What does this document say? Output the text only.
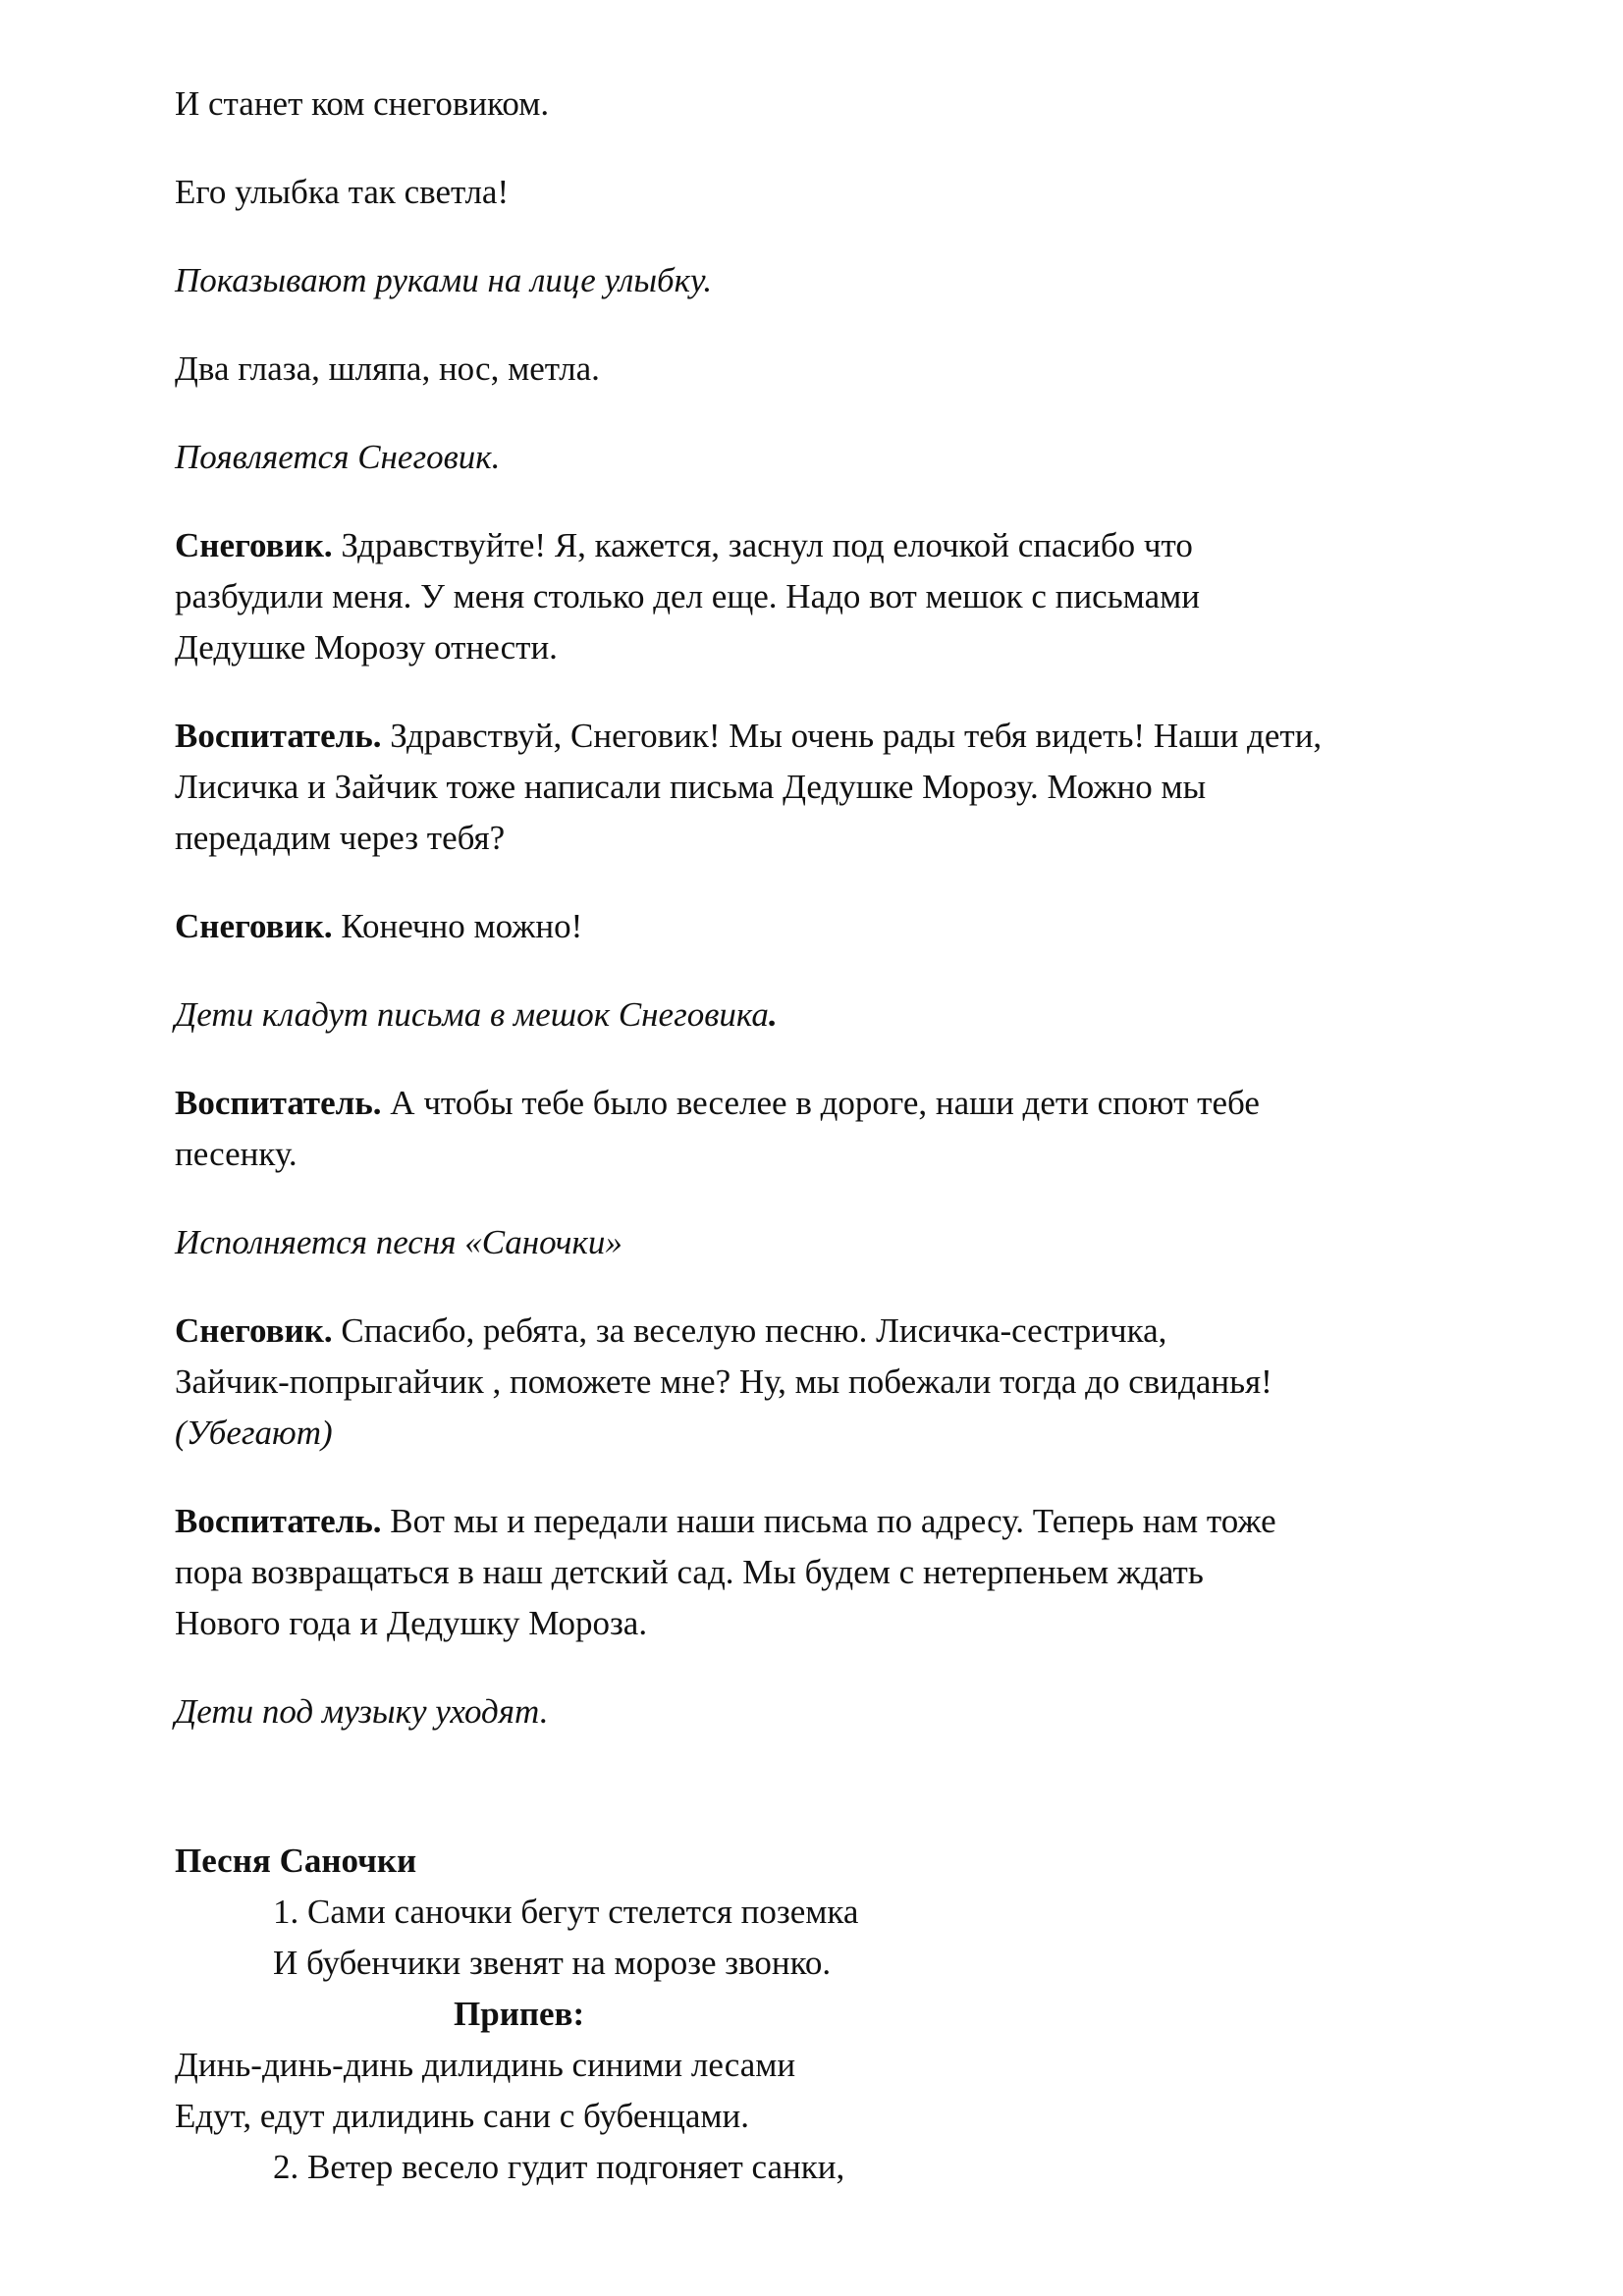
И станет ком снеговиком.

Его улыбка так светла!

Показывают руками на лице улыбку.

Два глаза, шляпа, нос, метла.

Появляется Снеговик.

Снеговик. Здравствуйте! Я, кажется, заснул под елочкой спасибо что

разбудили меня. У меня столько дел еще. Надо вот мешок с письмами

Дедушке Морозу отнести.

Воспитатель. Здравствуй, Снеговик! Мы очень рады тебя видеть! Наши дети,

Лисичка и Зайчик тоже написали письма Дедушке Морозу. Можно мы

передадим через тебя?

Снеговик. Конечно можно!

Дети кладут письма в мешок Снеговика.

Воспитатель. А чтобы тебе было веселее в дороге, наши дети споют тебе

песенку.

Исполняется песня «Саночки»

Снеговик. Спасибо, ребята, за веселую песню. Лисичка-сестричка,

Зайчик-попрыгайчик , поможете мне? Ну, мы побежали тогда до свиданья!

(Убегают)

Воспитатель. Вот мы и передали наши письма по адресу. Теперь нам тоже

пора возвращаться в наш детский сад. Мы будем с нетерпеньем ждать

Нового года и Дедушку Мороза.

Дети под музыку уходят.

Песня Саночки

1. Сами саночки бегут стелется поземка

И бубенчики звенят на морозе звонко.

Припев:

Динь-динь-динь дилидинь синими лесами

Едут, едут дилидинь сани с бубенцами.

2. Ветер весело гудит подгоняет санки,
